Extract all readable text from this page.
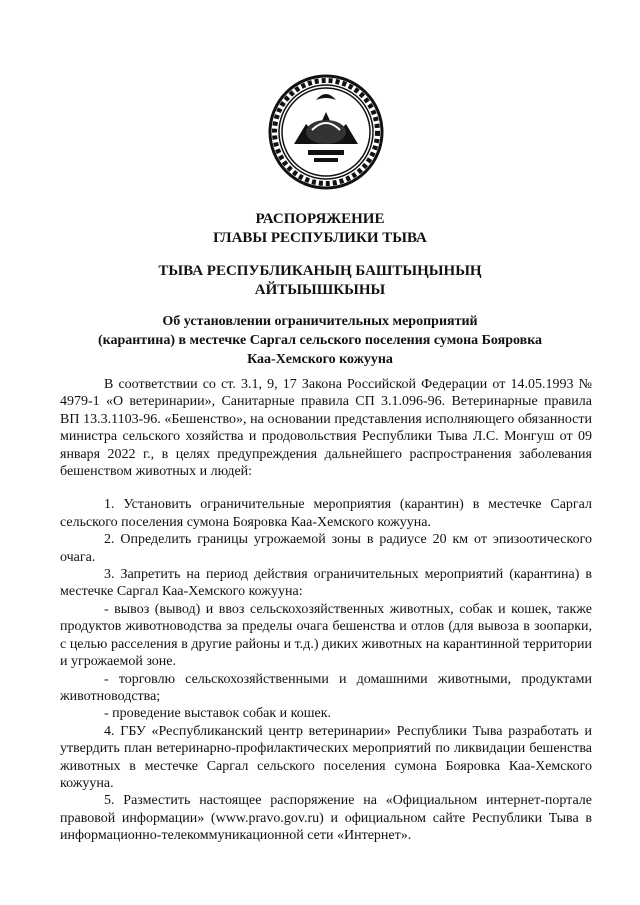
РАСПОРЯЖЕНИЕ
ГЛАВЫ РЕСПУБЛИКИ ТЫВА
ТЫВА РЕСПУБЛИКАНЫҢ БАШТЫҢЫНЫҢ
АЙТЫЫШКЫНЫ
Об установлении ограничительных мероприятий
(карантина) в местечке Саргал сельского поселения сумона Бояровка
Каа-Хемского кожууна

В соответствии со ст. 3.1, 9, 17 Закона Российской Федерации от 14.05.1993 № 4979-1 «О ветеринарии», Санитарные правила СП 3.1.096-96. Ветеринарные правила ВП 13.3.1103-96. «Бешенство», на основании представления исполняющего обязанности министра сельского хозяйства и продовольствия Республики Тыва Л.С. Монгуш от 09 января 2022 г., в целях предупреждения дальнейшего распространения заболевания бешенством животных и людей:

1. Установить ограничительные мероприятия (карантин) в местечке Саргал сельского поселения сумона Бояровка Каа-Хемского кожууна.

2. Определить границы угрожаемой зоны в радиусе 20 км от эпизоотического очага.

3. Запретить на период действия ограничительных мероприятий (карантина) в местечке Саргал Каа-Хемского кожууна:

- вывоз (вывод) и ввоз сельскохозяйственных животных, собак и кошек, также продуктов животноводства за пределы очага бешенства и отлов (для вывоза в зоопарки, с целью расселения в другие районы и т.д.) диких животных на карантинной территории и угрожаемой зоне.

- торговлю сельскохозяйственными и домашними животными, продуктами животноводства;

- проведение выставок собак и кошек.

4. ГБУ «Республиканский центр ветеринарии» Республики Тыва разработать и утвердить план ветеринарно-профилактических мероприятий по ликвидации бешенства животных в местечке Саргал сельского поселения сумона Бояровка Каа-Хемского кожууна.

5. Разместить настоящее распоряжение на «Официальном интернет-портале правовой информации» (www.pravo.gov.ru) и официальном сайте Республики Тыва в информационно-телекоммуникационной сети «Интернет».
